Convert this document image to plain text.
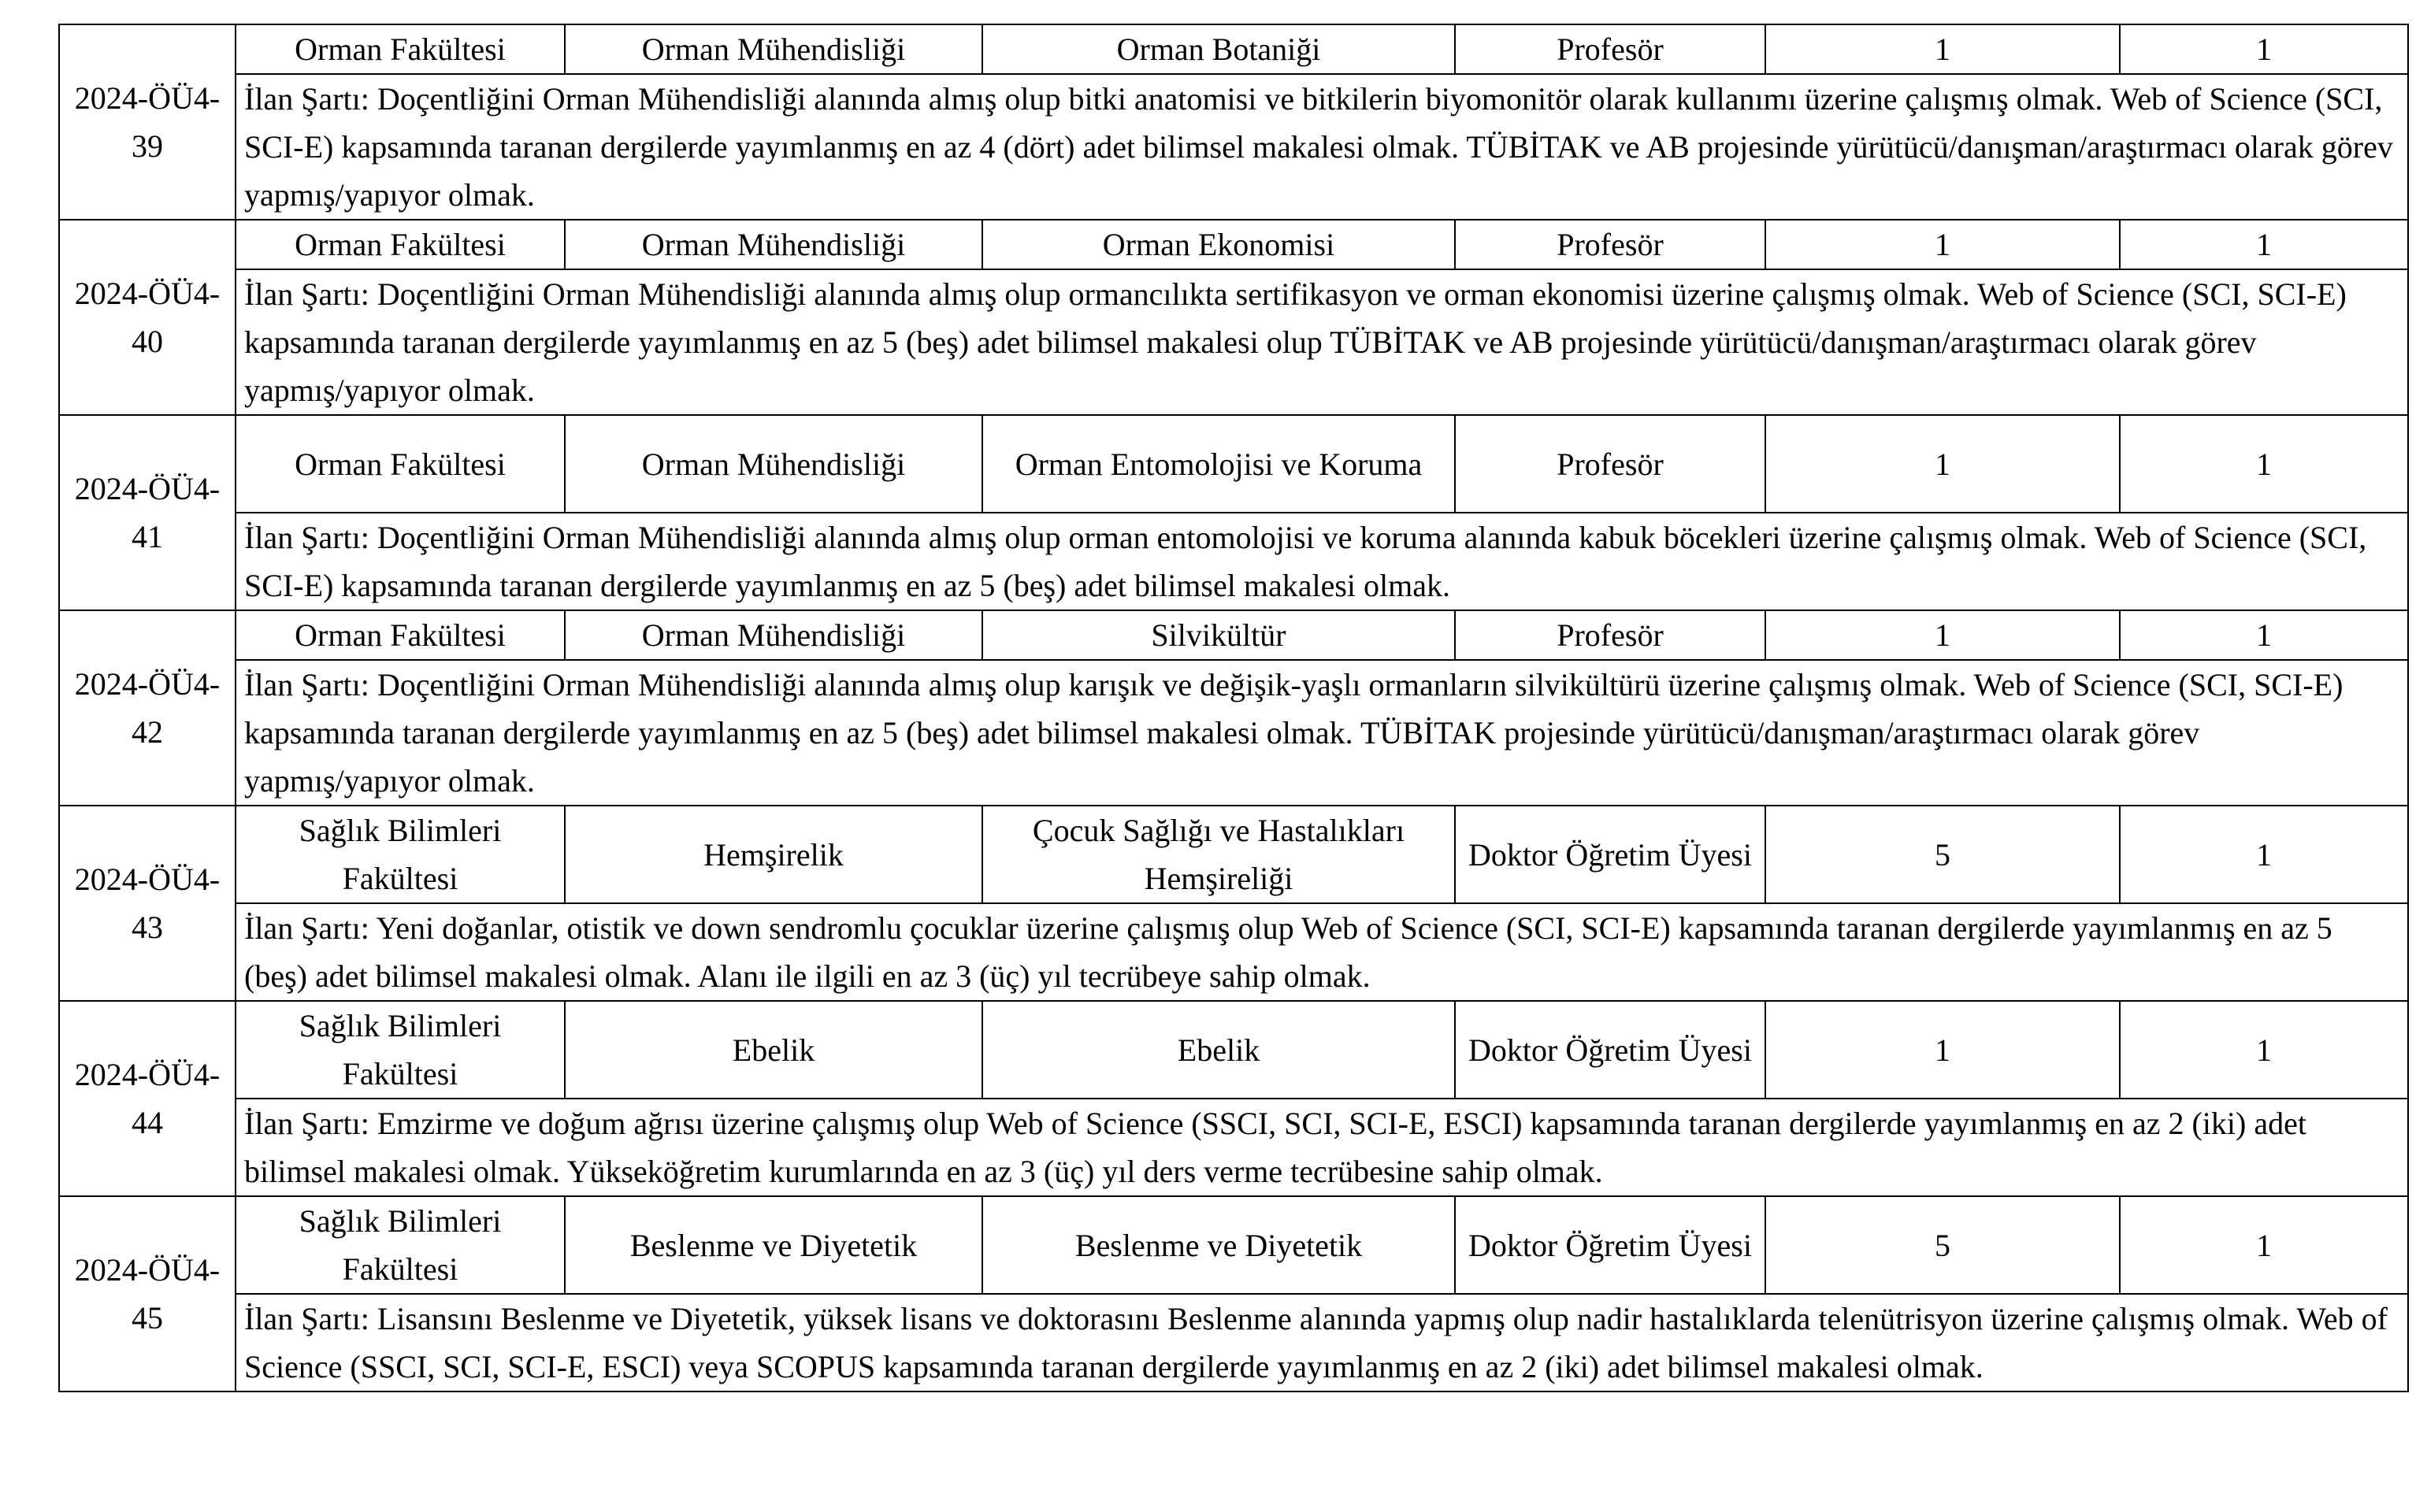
2024-ÖÜ4-39	Orman Fakültesi	Orman Mühendisliği	Orman Botaniği	Profesör	1	1
	İlan Şartı: Doçentliğini Orman Mühendisliği alanında almış olup bitki anatomisi ve bitkilerin biyomonitör olarak kullanımı üzerine çalışmış olmak. Web of Science (SCI, SCI-E) kapsamında taranan dergilerde yayımlanmış en az 4 (dört) adet bilimsel makalesi olmak. TÜBİTAK ve AB projesinde yürütücü/danışman/araştırmacı olarak görev yapmış/yapıyor olmak.					
2024-ÖÜ4-40	Orman Fakültesi	Orman Mühendisliği	Orman Ekonomisi	Profesör	1	1
	İlan Şartı: Doçentliğini Orman Mühendisliği alanında almış olup ormancılıkta sertifikasyon ve orman ekonomisi üzerine çalışmış olmak. Web of Science (SCI, SCI-E) kapsamında taranan dergilerde yayımlanmış en az 5 (beş) adet bilimsel makalesi olup TÜBİTAK ve AB projesinde yürütücü/danışman/araştırmacı olarak görev yapmış/yapıyor olmak.					
2024-ÖÜ4-41	Orman Fakültesi	Orman Mühendisliği	Orman Entomolojisi ve Koruma	Profesör	1	1
	İlan Şartı: Doçentliğini Orman Mühendisliği alanında almış olup orman entomolojisi ve koruma alanında kabuk böcekleri üzerine çalışmış olmak. Web of Science (SCI, SCI-E) kapsamında taranan dergilerde yayımlanmış en az 5 (beş) adet bilimsel makalesi olmak.					
2024-ÖÜ4-42	Orman Fakültesi	Orman Mühendisliği	Silvikültür	Profesör	1	1
	İlan Şartı: Doçentliğini Orman Mühendisliği alanında almış olup karışık ve değişik-yaşlı ormanların silvikültürü üzerine çalışmış olmak. Web of Science (SCI, SCI-E) kapsamında taranan dergilerde yayımlanmış en az 5 (beş) adet bilimsel makalesi olmak. TÜBİTAK projesinde yürütücü/danışman/araştırmacı olarak görev yapmış/yapıyor olmak.					
2024-ÖÜ4-43	Sağlık Bilimleri Fakültesi	Hemşirelik	Çocuk Sağlığı ve Hastalıkları Hemşireliği	Doktor Öğretim Üyesi	5	1
	İlan Şartı: Yeni doğanlar, otistik ve down sendromlu çocuklar üzerine çalışmış olup Web of Science (SCI, SCI-E) kapsamında taranan dergilerde yayımlanmış en az 5 (beş) adet bilimsel makalesi olmak. Alanı ile ilgili en az 3 (üç) yıl tecrübeye sahip olmak.					
2024-ÖÜ4-44	Sağlık Bilimleri Fakültesi	Ebelik	Ebelik	Doktor Öğretim Üyesi	1	1
	İlan Şartı: Emzirme ve doğum ağrısı üzerine çalışmış olup Web of Science (SSCI, SCI, SCI-E, ESCI) kapsamında taranan dergilerde yayımlanmış en az 2 (iki) adet bilimsel makalesi olmak. Yükseköğretim kurumlarında en az 3 (üç) yıl ders verme tecrübesine sahip olmak.					
2024-ÖÜ4-45	Sağlık Bilimleri Fakültesi	Beslenme ve Diyetetik	Beslenme ve Diyetetik	Doktor Öğretim Üyesi	5	1
	İlan Şartı: Lisansını Beslenme ve Diyetetik, yüksek lisans ve doktorasını Beslenme alanında yapmış olup nadir hastalıklarda telenütrisyon üzerine çalışmış olmak. Web of Science (SSCI, SCI, SCI-E, ESCI) veya SCOPUS kapsamında taranan dergilerde yayımlanmış en az 2 (iki) adet bilimsel makalesi olmak.					
